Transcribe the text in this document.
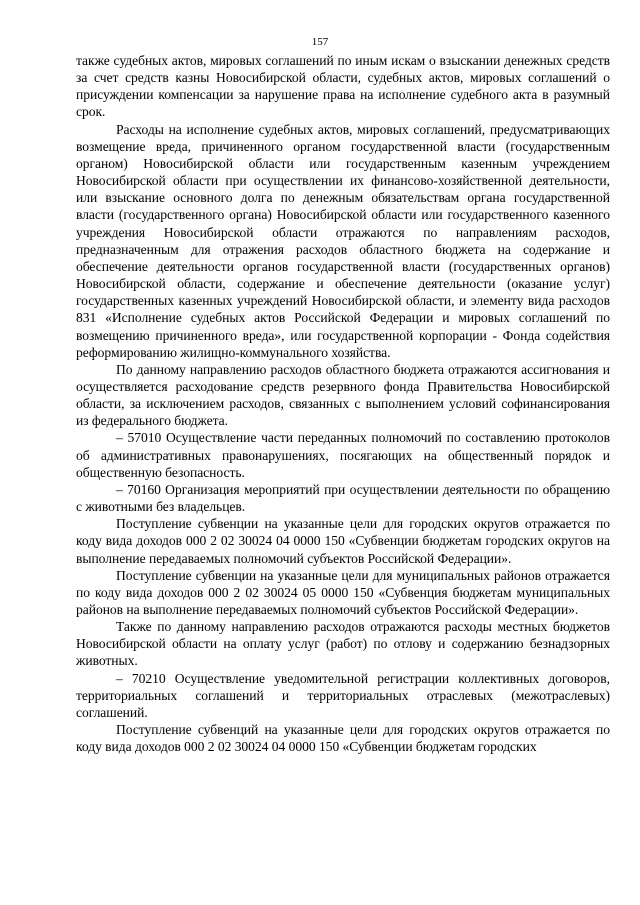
157

также судебных актов, мировых соглашений по иным искам о взыскании денежных средств за счет средств казны Новосибирской области, судебных актов, мировых соглашений о присуждении компенсации за нарушение права на исполнение судебного акта в разумный срок.

Расходы на исполнение судебных актов, мировых соглашений, предусматривающих возмещение вреда, причиненного органом государственной власти (государственным органом) Новосибирской области или государственным казенным учреждением Новосибирской области при осуществлении их финансово-хозяйственной деятельности, или взыскание основного долга по денежным обязательствам органа государственной власти (государственного органа) Новосибирской области или государственного казенного учреждения Новосибирской области отражаются по направлениям расходов, предназначенным для отражения расходов областного бюджета на содержание и обеспечение деятельности органов государственной власти (государственных органов) Новосибирской области, содержание и обеспечение деятельности (оказание услуг) государственных казенных учреждений Новосибирской области, и элементу вида расходов 831 «Исполнение судебных актов Российской Федерации и мировых соглашений по возмещению причиненного вреда», или государственной корпорации - Фонда содействия реформированию жилищно-коммунального хозяйства.

По данному направлению расходов областного бюджета отражаются ассигнования и осуществляется расходование средств резервного фонда Правительства Новосибирской области, за исключением расходов, связанных с выполнением условий софинансирования из федерального бюджета.

– 57010 Осуществление части переданных полномочий по составлению протоколов об административных правонарушениях, посягающих на общественный порядок и общественную безопасность.

– 70160 Организация мероприятий при осуществлении деятельности по обращению с животными без владельцев.

Поступление субвенции на указанные цели для городских округов отражается по коду вида доходов 000 2 02 30024 04 0000 150 «Субвенции бюджетам городских округов на выполнение передаваемых полномочий субъектов Российской Федерации».

Поступление субвенции на указанные цели для муниципальных районов отражается по коду вида доходов 000 2 02 30024 05 0000 150 «Субвенция бюджетам муниципальных районов на выполнение передаваемых полномочий субъектов Российской Федерации».

Также по данному направлению расходов отражаются расходы местных бюджетов Новосибирской области на оплату услуг (работ) по отлову и содержанию безнадзорных животных.

– 70210 Осуществление уведомительной регистрации коллективных договоров, территориальных соглашений и территориальных отраслевых (межотраслевых) соглашений.

Поступление субвенций на указанные цели для городских округов отражается по коду вида доходов 000 2 02 30024 04 0000 150 «Субвенции бюджетам городских
